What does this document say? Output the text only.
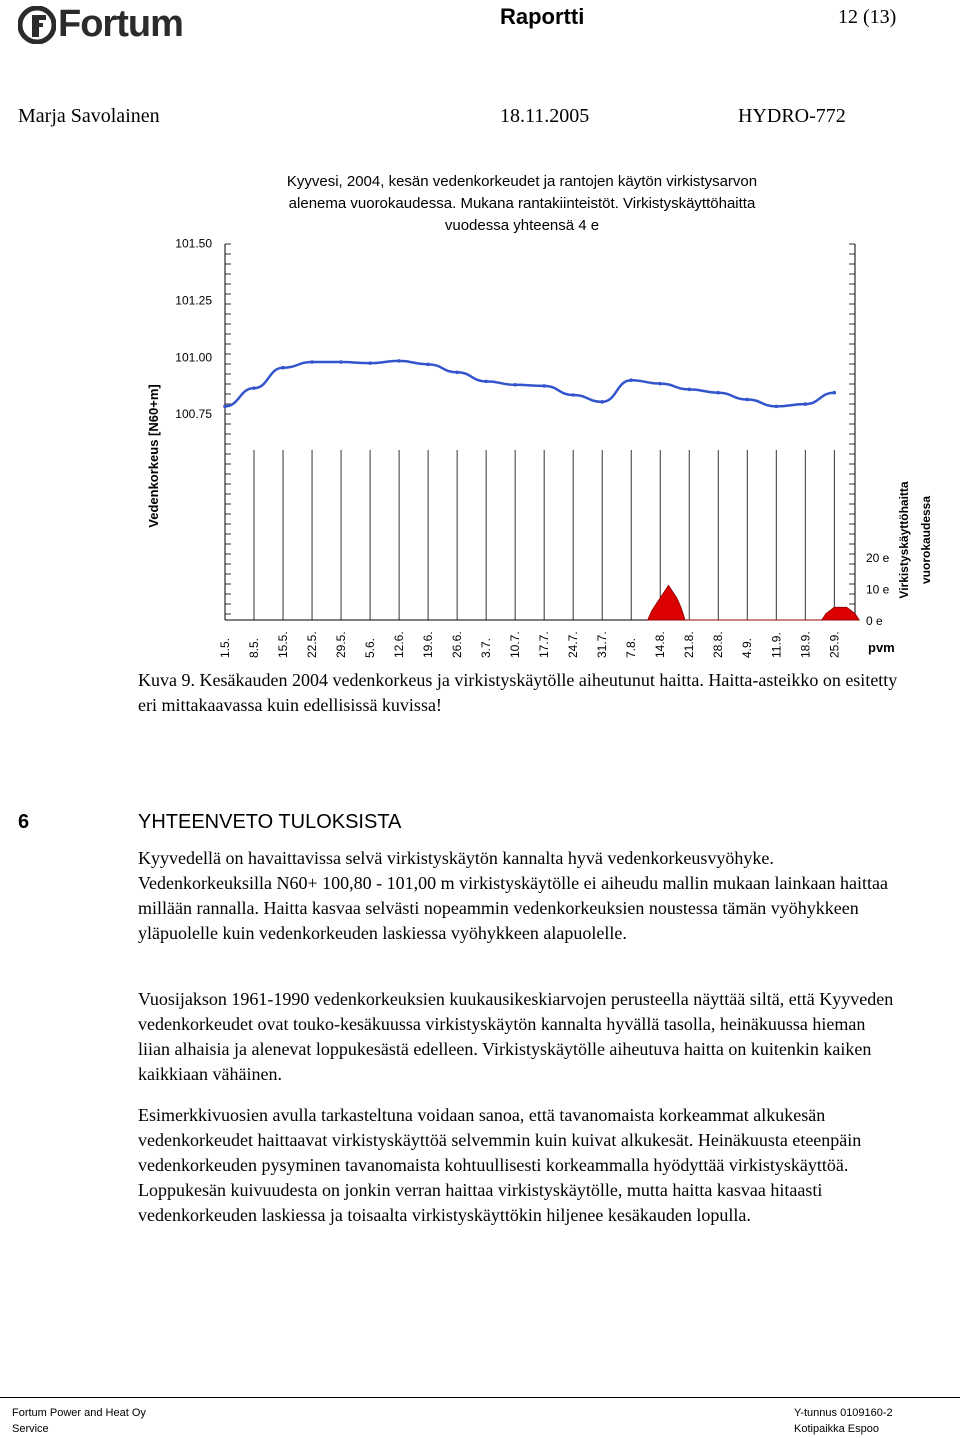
Fortum	Raportti	12 (13)
Marja Savolainen	18.11.2005	HYDRO-772
Kyyvesi, 2004, kesän vedenkorkeudet ja rantojen käytön virkistysarvon
alenema vuorokaudessa. Mukana rantakiinteistöt. Virkistyskäyttöhaitta
vuodessa yhteensä 4 e
101.50
101.25
101.00
100.75
Vedenkorkeus [N60+m]
20 e
10 e
0 e
Virkistyskäyttöhaitta vuorokaudessa
1.5. 8.5. 15.5. 22.5. 29.5. 5.6. 12.6. 19.6. 26.6. 3.7. 10.7. 17.7. 24.7. 31.7. 7.8. 14.8. 21.8. 28.8. 4.9. 11.9. 18.9. 25.9. pvm
Kuva 9. Kesäkauden 2004 vedenkorkeus ja virkistyskäytölle aiheutunut haitta. Haitta-asteikko on esitetty eri mittakaavassa kuin edellisissä kuvissa!
6	YHTEENVETO TULOKSISTA
Kyyvedellä on havaittavissa selvä virkistyskäytön kannalta hyvä vedenkorkeusvyöhyke. Vedenkorkeuksilla N60+ 100,80 - 101,00 m virkistyskäytölle ei aiheudu mallin mukaan lainkaan haittaa millään rannalla. Haitta kasvaa selvästi nopeammin vedenkorkeuksien noustessa tämän vyöhykkeen yläpuolelle kuin vedenkorkeuden laskiessa vyöhykkeen alapuolelle.
Vuosijakson 1961-1990 vedenkorkeuksien kuukausikeskiarvojen perusteella näyttää siltä, että Kyyveden vedenkorkeudet ovat touko-kesäkuussa virkistyskäytön kannalta hyvällä tasolla, heinäkuussa hieman liian alhaisia ja alenevat loppukesästä edelleen. Virkistyskäytölle aiheutuva haitta on kuitenkin kaiken kaikkiaan vähäinen.
Esimerkkivuosien avulla tarkasteltuna voidaan sanoa, että tavanomaista korkeammat alkukesän vedenkorkeudet haittaavat virkistyskäyttöä selvemmin kuin kuivat alkukesät. Heinäkuusta eteenpäin vedenkorkeuden pysyminen tavanomaista kohtuullisesti korkeammalla hyödyttää virkistyskäyttöä. Loppukesän kuivuudesta on jonkin verran haittaa virkistyskäytölle, mutta haitta kasvaa hitaasti vedenkorkeuden laskiessa ja toisaalta virkistyskäyttökin hiljenee kesäkauden lopulla.
Fortum Power and Heat Oy
Service
Y-tunnus 0109160-2
Kotipaikka Espoo
